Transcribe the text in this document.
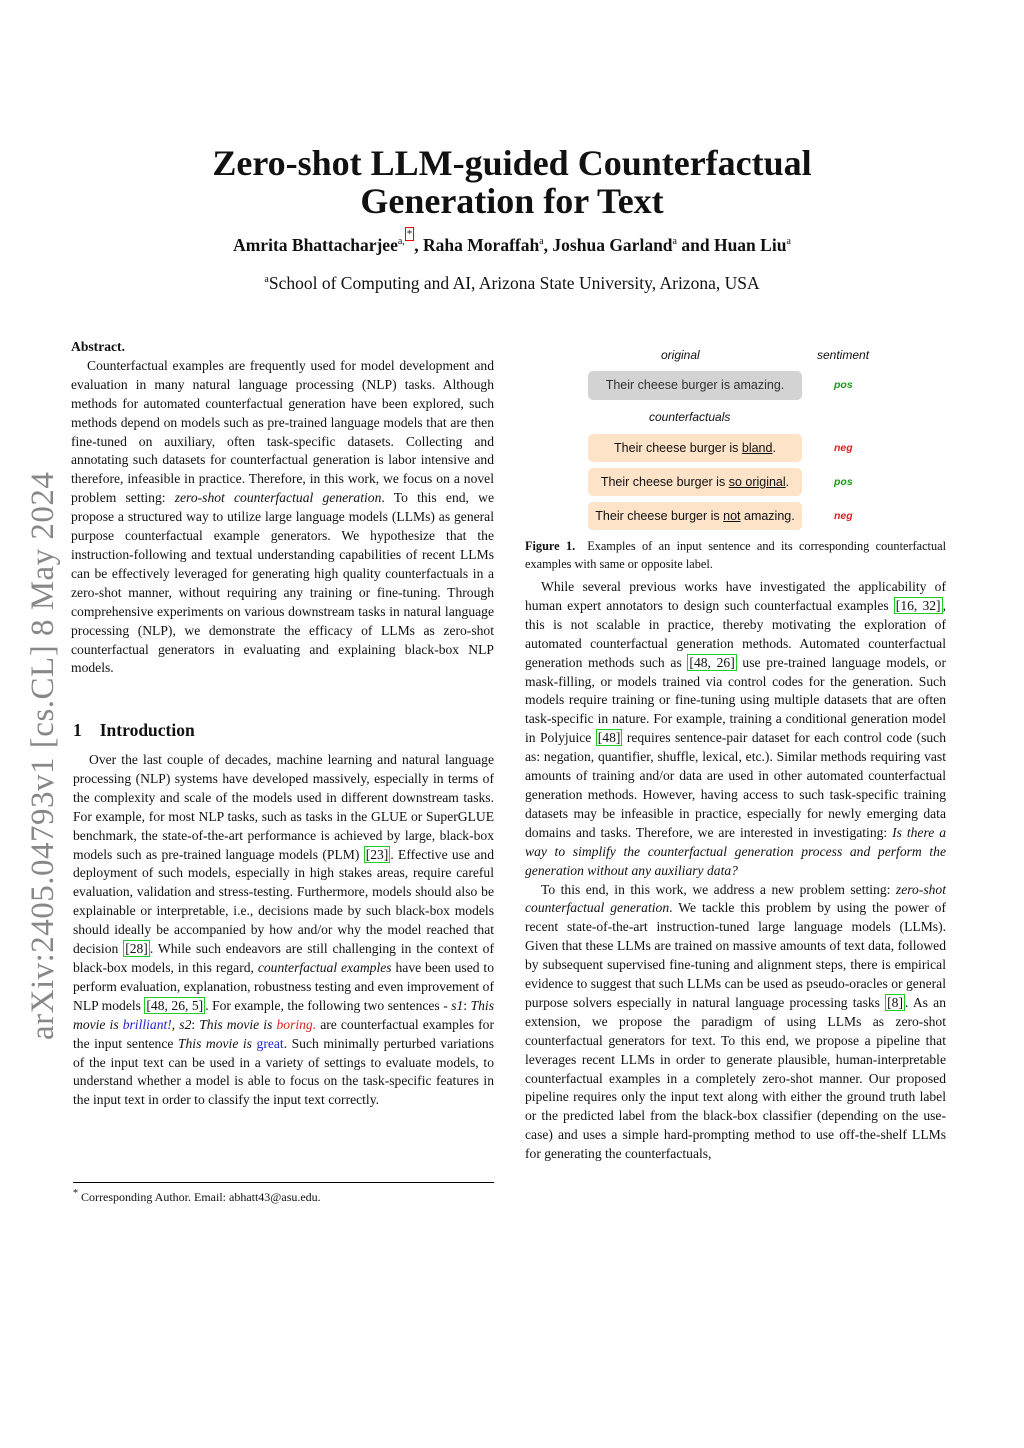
Zero-shot LLM-guided Counterfactual
Generation for Text
Amrita Bhattacharjee$^{a,*}$, Raha Moraffah$^a$, Joshua Garland$^a$ and Huan Liu$^a$
$^a$School of Computing and AI, Arizona State University, Arizona, USA
arXiv:2405.04793v1 [cs.CL] 8 May 2024
Abstract.

Counterfactual examples are frequently used for model development and evaluation in many natural language processing (NLP) tasks. Although methods for automated counterfactual generation have been explored, such methods depend on models such as pre-trained language models that are then fine-tuned on auxiliary, often task-specific datasets. Collecting and annotating such datasets for counterfactual generation is labor intensive and therefore, infeasible in practice. Therefore, in this work, we focus on a novel problem setting: zero-shot counterfactual generation. To this end, we propose a structured way to utilize large language models (LLMs) as general purpose counterfactual example generators. We hypothesize that the instruction-following and textual understanding capabilities of recent LLMs can be effectively leveraged for generating high quality counterfactuals in a zero-shot manner, without requiring any training or fine-tuning. Through comprehensive experiments on various downstream tasks in natural language processing (NLP), we demonstrate the efficacy of LLMs as zero-shot counterfactual generators in evaluating and explaining black-box NLP models.

1 Introduction

Over the last couple of decades, machine learning and natural language processing (NLP) systems have developed massively, especially in terms of the complexity and scale of the models used in different downstream tasks. For example, for most NLP tasks, such as tasks in the GLUE or SuperGLUE benchmark, the state-of-the-art performance is achieved by large, black-box models such as pre-trained language models (PLM) [23] . Effective use and deployment of such models, especially in high stakes areas, require careful evaluation, validation and stress-testing. Furthermore, models should also be explainable or interpretable, i.e., decisions made by such black-box models should ideally be accompanied by how and/or why the model reached that decision [28] . While such endeavors are still challenging in the context of black-box models, in this regard, counterfactual examples have been used to perform evaluation, explanation, robustness testing and even improvement of NLP models [48, 26, 5] . For example, the following two sentences - s1: This movie is brilliant!, s2: This movie is boring. are counterfactual examples for the input sentence This movie is great. Such minimally perturbed variations of the input text can be used in a variety of settings to evaluate models, to understand whether a model is able to focus on the task-specific features in the input text in order to classify the input text correctly.

* Corresponding Author. Email: abhatt43@asu.edu.
original	sentiment
Their cheese burger is amazing.	pos
counterfactuals
Their cheese burger is bland.	neg
Their cheese burger is so original.	pos
Their cheese burger is not amazing.	neg
Figure 1. Examples of an input sentence and its corresponding counterfactual examples with same or opposite label.

While several previous works have investigated the applicability of human expert annotators to design such counterfactual examples [16, 32] , this is not scalable in practice, thereby motivating the exploration of automated counterfactual generation methods. Automated counterfactual generation methods such as [48, 26] use pre-trained language models, or mask-filling, or models trained via control codes for the generation. Such models require training or fine-tuning using multiple datasets that are often task-specific in nature. For example, training a conditional generation model in Polyjuice [48] requires sentence-pair dataset for each control code (such as: negation, quantifier, shuffle, lexical, etc.). Similar methods requiring vast amounts of training and/or data are used in other automated counterfactual generation methods. However, having access to such task-specific training datasets may be infeasible in practice, especially for newly emerging data domains and tasks. Therefore, we are interested in investigating: Is there a way to simplify the counterfactual generation process and perform the generation without any auxiliary data?

To this end, in this work, we address a new problem setting: zero-shot counterfactual generation. We tackle this problem by using the power of recent state-of-the-art instruction-tuned large language models (LLMs). Given that these LLMs are trained on massive amounts of text data, followed by subsequent supervised fine-tuning and alignment steps, there is empirical evidence to suggest that such LLMs can be used as pseudo-oracles or general purpose solvers especially in natural language processing tasks [8] . As an extension, we propose the paradigm of using LLMs as zero-shot counterfactual generators for text. To this end, we propose a pipeline that leverages recent LLMs in order to generate plausible, human-interpretable counterfactual examples in a completely zero-shot manner. Our proposed pipeline requires only the input text along with either the ground truth label or the predicted label from the black-box classifier (depending on the use-case) and uses a simple hard-prompting method to use off-the-shelf LLMs for generating the counterfactuals,
